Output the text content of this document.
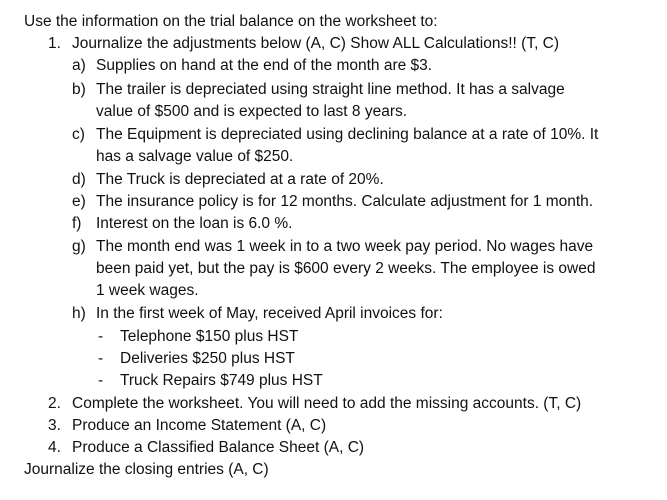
Use the information on the trial balance on the worksheet to:
1. Journalize the adjustments below (A, C) Show ALL Calculations!! (T, C)
a) Supplies on hand at the end of the month are $3.
b) The trailer is depreciated using straight line method. It has a salvage
value of $500 and is expected to last 8 years.
c) The Equipment is depreciated using declining balance at a rate of 10%. It
has a salvage value of $250.
d) The Truck is depreciated at a rate of 20%.
e) The insurance policy is for 12 months. Calculate adjustment for 1 month.
f) Interest on the loan is 6.0 %.
g) The month end was 1 week in to a two week pay period. No wages have
been paid yet, but the pay is $600 every 2 weeks. The employee is owed
1 week wages.
h) In the first week of May, received April invoices for:
- Telephone $150 plus HST
- Deliveries $250 plus HST
- Truck Repairs $749 plus HST
2. Complete the worksheet. You will need to add the missing accounts. (T, C)
3. Produce an Income Statement (A, C)
4. Produce a Classified Balance Sheet (A, C)
Journalize the closing entries (A, C)
